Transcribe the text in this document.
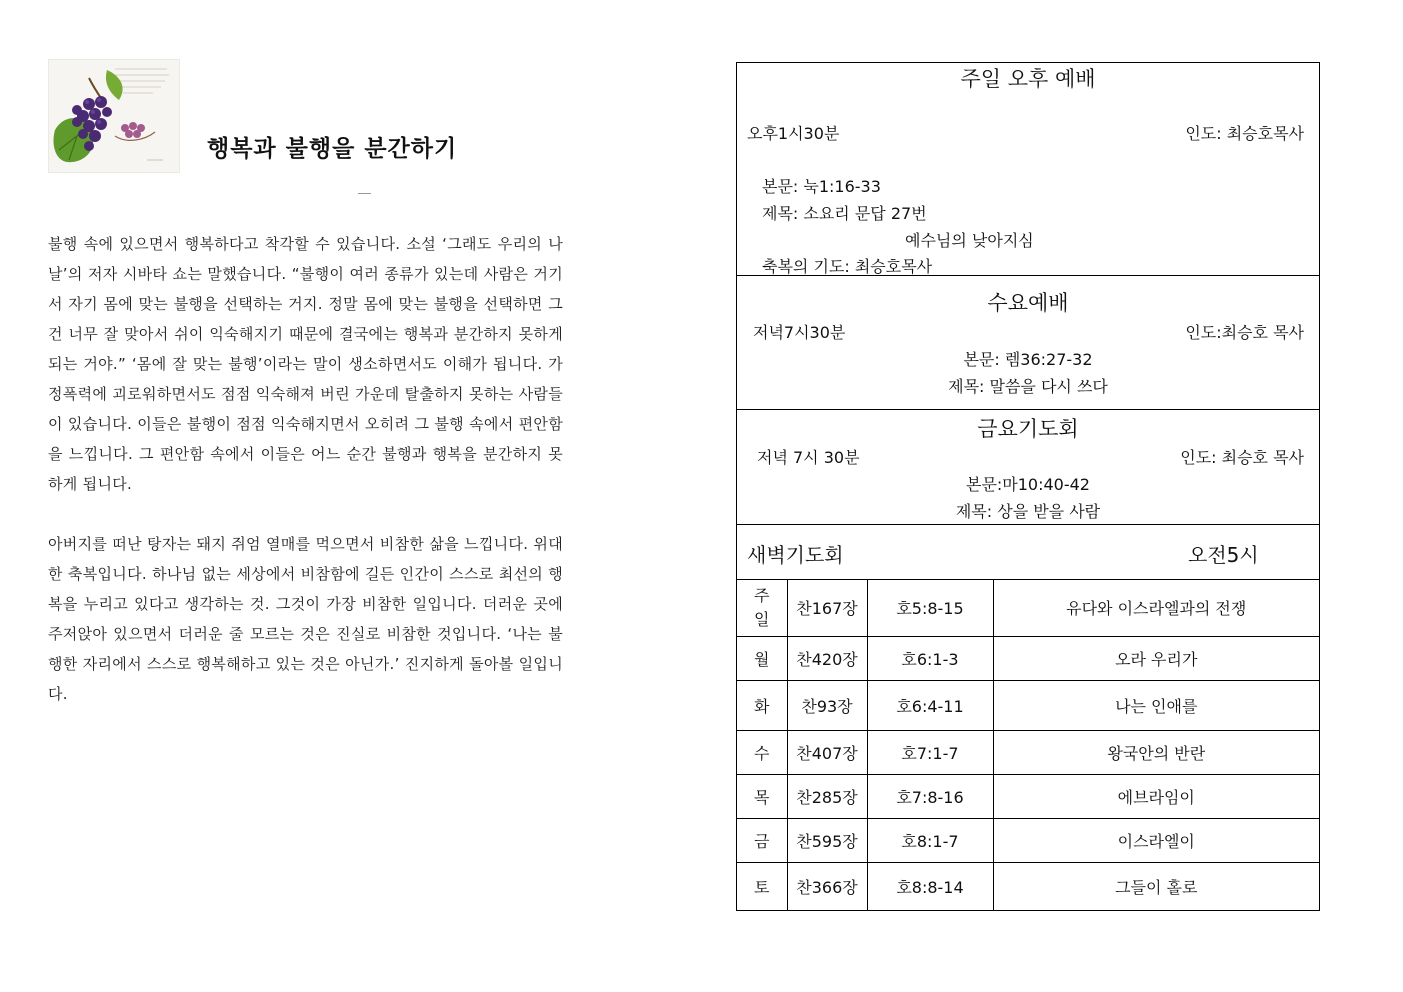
행복과 불행을 분간하기

불행 속에 있으면서 행복하다고 착각할 수 있습니다. 소설 ‘그래도 우리의 나날’의 저자 시바타 쇼는 말했습니다. “불행이 여러 종류가 있는데 사람은 거기서 자기 몸에 맞는 불행을 선택하는 거지. 정말 몸에 맞는 불행을 선택하면 그건 너무 잘 맞아서 쉬이 익숙해지기 때문에 결국에는 행복과 분간하지 못하게 되는 거야.” ‘몸에 잘 맞는 불행’이라는 말이 생소하면서도 이해가 됩니다. 가정폭력에 괴로워하면서도 점점 익숙해져 버린 가운데 탈출하지 못하는 사람들이 있습니다. 이들은 불행이 점점 익숙해지면서 오히려 그 불행 속에서 편안함을 느낍니다. 그 편안함 속에서 이들은 어느 순간 불행과 행복을 분간하지 못하게 됩니다.

아버지를 떠난 탕자는 돼지 쥐엄 열매를 먹으면서 비참한 삶을 느낍니다. 위대한 축복입니다. 하나님 없는 세상에서 비참함에 길든 인간이 스스로 최선의 행복을 누리고 있다고 생각하는 것. 그것이 가장 비참한 일입니다. 더러운 곳에 주저앉아 있으면서 더러운 줄 모르는 것은 진실로 비참한 것입니다. ‘나는 불행한 자리에서 스스로 행복해하고 있는 것은 아닌가.’ 진지하게 돌아볼 일입니다.

주일 오후 예배
오후1시30분	인도: 최승호목사
본문: 눅1:16-33
제목: 소요리 문답 27번
예수님의 낮아지심
축복의 기도: 최승호목사
수요예배
저녁7시30분	인도:최승호 목사
본문: 렘36:27-32
제목: 말씀을 다시 쓰다
금요기도회
저녁 7시 30분	인도: 최승호 목사
본문:마10:40-42
제목: 상을 받을 사람
새벽기도회	오전5시
주
일	찬167장	호5:8-15	유다와 이스라엘과의 전쟁
월	찬420장	호6:1-3	오라 우리가
화	찬93장	호6:4-11	나는 인애를
수	찬407장	호7:1-7	왕국안의 반란
목	찬285장	호7:8-16	에브라임이
금	찬595장	호8:1-7	이스라엘이
토	찬366장	호8:8-14	그들이 홀로
